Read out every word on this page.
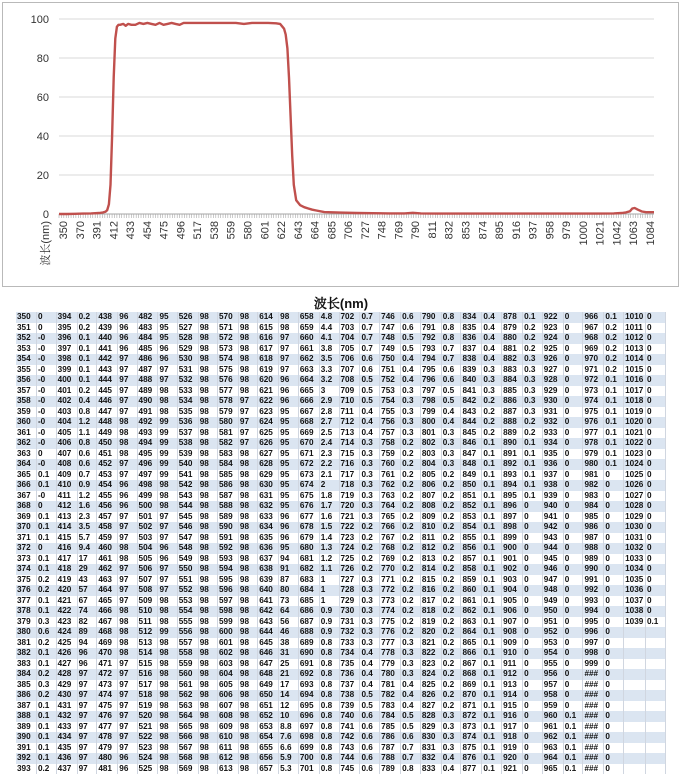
0
20
40
60
80
100
350 370 391 412 433 454 475 496 517 538 559 580 601 622 643 664 685 706 727 748 769 790 811 832 853 874 895 916 937 958 979 1000 1021 1042 1063 1084
波长(nm)
波长(nm)
350	0	394	0.2	438	96	482	95	526	98	570	98	614	98	658	4.8	702	0.7	746	0.6	790	0.8	834	0.4	878	0.1	922	0	966	0.1	1010	0
351	0	395	0.2	439	96	483	95	527	98	571	98	615	98	659	4.4	703	0.7	747	0.6	791	0.8	835	0.4	879	0.2	923	0	967	0.2	1011	0
352	-0	396	0.1	440	96	484	95	528	98	572	98	616	97	660	4.1	704	0.7	748	0.5	792	0.8	836	0.4	880	0.2	924	0	968	0.2	1012	0
353	-0	397	0.1	441	96	485	96	529	98	573	98	617	97	661	3.8	705	0.7	749	0.5	793	0.7	837	0.4	881	0.2	925	0	969	0.2	1013	0
354	-0	398	0.1	442	97	486	96	530	98	574	98	618	97	662	3.5	706	0.6	750	0.4	794	0.7	838	0.4	882	0.3	926	0	970	0.2	1014	0
355	-0	399	0.1	443	97	487	97	531	98	575	98	619	97	663	3.3	707	0.6	751	0.4	795	0.6	839	0.3	883	0.3	927	0	971	0.2	1015	0
356	-0	400	0.1	444	97	488	97	532	98	576	98	620	96	664	3.2	708	0.5	752	0.4	796	0.6	840	0.3	884	0.3	928	0	972	0.1	1016	0
357	-0	401	0.2	445	97	489	98	533	98	577	98	621	96	665	3	709	0.5	753	0.3	797	0.5	841	0.3	885	0.3	929	0	973	0.1	1017	0
358	-0	402	0.4	446	97	490	98	534	98	578	97	622	96	666	2.9	710	0.5	754	0.3	798	0.5	842	0.2	886	0.3	930	0	974	0.1	1018	0
359	-0	403	0.8	447	97	491	98	535	98	579	97	623	95	667	2.8	711	0.4	755	0.3	799	0.4	843	0.2	887	0.3	931	0	975	0.1	1019	0
360	-0	404	1.2	448	98	492	99	536	98	580	97	624	95	668	2.7	712	0.4	756	0.3	800	0.4	844	0.2	888	0.2	932	0	976	0.1	1020	0
361	-0	405	1.1	449	98	493	99	537	98	581	97	625	95	669	2.5	713	0.4	757	0.3	801	0.3	845	0.2	889	0.2	933	0	977	0.1	1021	0
362	-0	406	0.8	450	98	494	99	538	98	582	97	626	95	670	2.4	714	0.3	758	0.2	802	0.3	846	0.1	890	0.1	934	0	978	0.1	1022	0
363	0	407	0.6	451	98	495	99	539	98	583	98	627	95	671	2.3	715	0.3	759	0.2	803	0.3	847	0.1	891	0.1	935	0	979	0.1	1023	0
364	-0	408	0.6	452	97	496	99	540	98	584	98	628	95	672	2.2	716	0.3	760	0.2	804	0.3	848	0.1	892	0.1	936	0	980	0.1	1024	0
365	0.1	409	0.7	453	97	497	99	541	98	585	98	629	95	673	2.1	717	0.3	761	0.2	805	0.2	849	0.1	893	0.1	937	0	981	0	1025	0
366	0.1	410	0.9	454	96	498	98	542	98	586	98	630	95	674	2	718	0.3	762	0.2	806	0.2	850	0.1	894	0.1	938	0	982	0	1026	0
367	-0	411	1.2	455	96	499	98	543	98	587	98	631	95	675	1.8	719	0.3	763	0.2	807	0.2	851	0.1	895	0.1	939	0	983	0	1027	0
368	0	412	1.6	456	96	500	98	544	98	588	98	632	95	676	1.7	720	0.3	764	0.2	808	0.2	852	0.1	896	0	940	0	984	0	1028	0
369	0.1	413	2.3	457	97	501	97	545	98	589	98	633	96	677	1.6	721	0.3	765	0.2	809	0.2	853	0.1	897	0	941	0	985	0	1029	0
370	0.1	414	3.5	458	97	502	97	546	98	590	98	634	96	678	1.5	722	0.2	766	0.2	810	0.2	854	0.1	898	0	942	0	986	0	1030	0
371	0.1	415	5.7	459	97	503	97	547	98	591	98	635	96	679	1.4	723	0.2	767	0.2	811	0.2	855	0.1	899	0	943	0	987	0	1031	0
372	0	416	9.4	460	98	504	96	548	98	592	98	636	95	680	1.3	724	0.2	768	0.2	812	0.2	856	0.1	900	0	944	0	988	0	1032	0
373	0.1	417	17	461	98	505	96	549	98	593	98	637	94	681	1.2	725	0.2	769	0.2	813	0.2	857	0.1	901	0	945	0	989	0	1033	0
374	0.1	418	29	462	97	506	97	550	98	594	98	638	91	682	1.1	726	0.2	770	0.2	814	0.2	858	0.1	902	0	946	0	990	0	1034	0
375	0.2	419	43	463	97	507	97	551	98	595	98	639	87	683	1	727	0.3	771	0.2	815	0.2	859	0.1	903	0	947	0	991	0	1035	0
376	0.2	420	57	464	97	508	97	552	98	596	98	640	80	684	1	728	0.3	772	0.2	816	0.2	860	0.1	904	0	948	0	992	0	1036	0
377	0.1	421	67	465	97	509	98	553	98	597	98	641	73	685	1	729	0.3	773	0.2	817	0.2	861	0.1	905	0	949	0	993	0	1037	0
378	0.1	422	74	466	98	510	98	554	98	598	98	642	64	686	0.9	730	0.3	774	0.2	818	0.2	862	0.1	906	0	950	0	994	0	1038	0
379	0.3	423	82	467	98	511	98	555	98	599	98	643	56	687	0.9	731	0.3	775	0.2	819	0.2	863	0.1	907	0	951	0	995	0	1039	0.1
380	0.6	424	89	468	98	512	99	556	98	600	98	644	46	688	0.9	732	0.3	776	0.2	820	0.2	864	0.1	908	0	952	0	996	0		
381	0.2	425	94	469	98	513	98	557	98	601	98	645	38	689	0.8	733	0.3	777	0.3	821	0.2	865	0.1	909	0	953	0	997	0		
382	0.1	426	96	470	98	514	98	558	98	602	98	646	31	690	0.8	734	0.4	778	0.3	822	0.2	866	0.1	910	0	954	0	998	0		
383	0.1	427	96	471	97	515	98	559	98	603	98	647	25	691	0.8	735	0.4	779	0.3	823	0.2	867	0.1	911	0	955	0	999	0		
384	0.2	428	97	472	97	516	98	560	98	604	98	648	21	692	0.8	736	0.4	780	0.3	824	0.2	868	0.1	912	0	956	0	###	0		
385	0.3	429	97	473	97	517	98	561	98	605	98	649	17	693	0.8	737	0.4	781	0.4	825	0.2	869	0.1	913	0	957	0	###	0		
386	0.2	430	97	474	97	518	98	562	98	606	98	650	14	694	0.8	738	0.5	782	0.4	826	0.2	870	0.1	914	0	958	0	###	0		
387	0.1	431	97	475	97	519	98	563	98	607	98	651	12	695	0.8	739	0.5	783	0.4	827	0.2	871	0.1	915	0	959	0	###	0		
388	0.1	432	97	476	97	520	98	564	98	608	98	652	10	696	0.8	740	0.6	784	0.5	828	0.3	872	0.1	916	0	960	0.1	###	0		
389	0.1	433	97	477	97	521	98	565	98	609	98	653	8.8	697	0.8	741	0.6	785	0.5	829	0.3	873	0.1	917	0	961	0.1	###	0		
390	0.1	434	97	478	97	522	98	566	98	610	98	654	7.6	698	0.8	742	0.6	786	0.6	830	0.3	874	0.1	918	0	962	0.1	###	0		
391	0.1	435	97	479	97	523	98	567	98	611	98	655	6.6	699	0.8	743	0.6	787	0.7	831	0.3	875	0.1	919	0	963	0.1	###	0		
392	0.1	436	97	480	96	524	98	568	98	612	98	656	5.9	700	0.8	744	0.6	788	0.7	832	0.4	876	0.1	920	0	964	0.1	###	0		
393	0.2	437	97	481	96	525	98	569	98	613	98	657	5.3	701	0.8	745	0.6	789	0.8	833	0.4	877	0.1	921	0	965	0.1	###	0		
